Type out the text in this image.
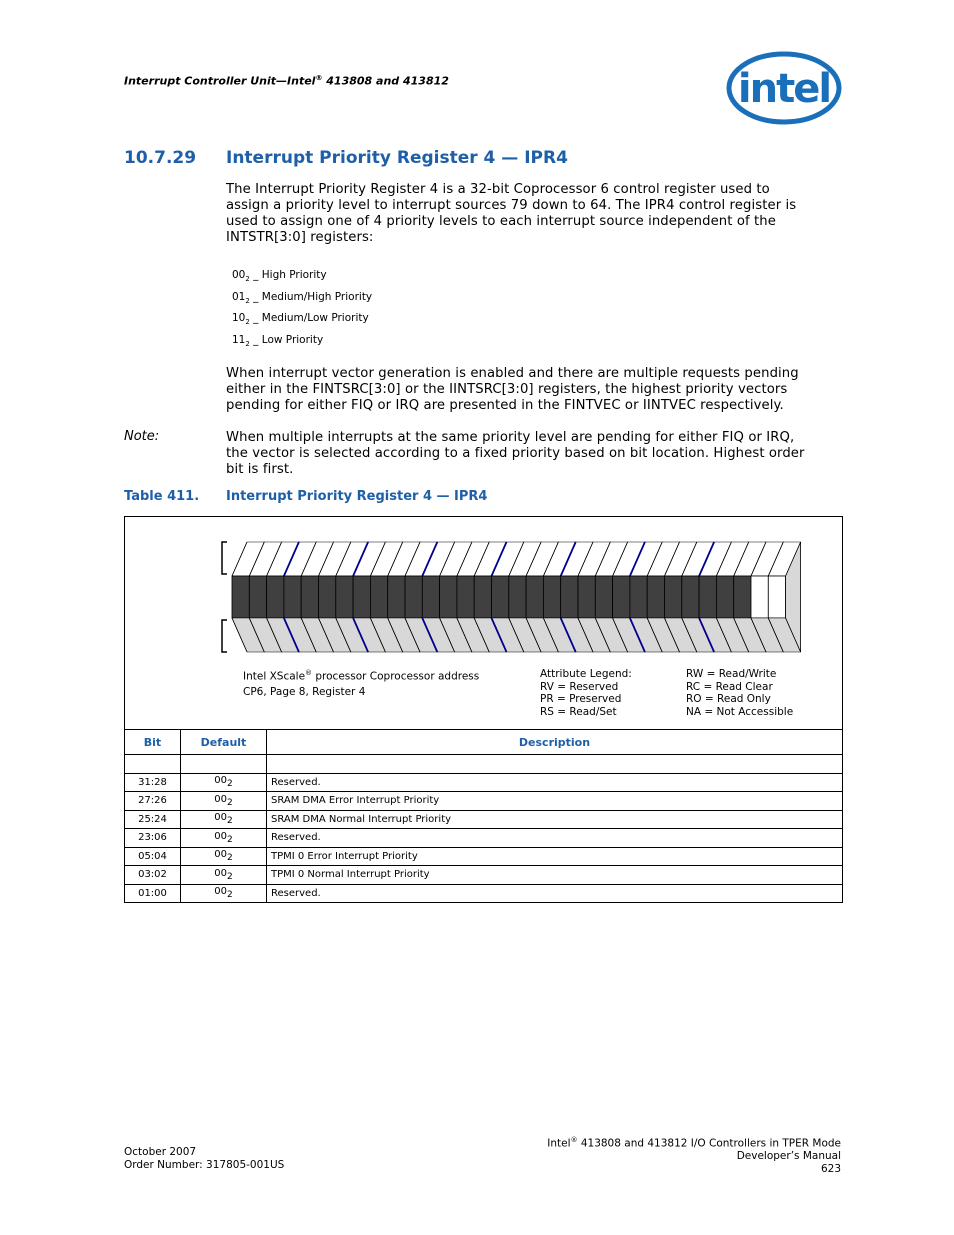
Interrupt Controller Unit—Intel® 413808 and 413812	intel
10.7.29 Interrupt Priority Register 4 — IPR4
The Interrupt Priority Register 4 is a 32-bit Coprocessor 6 control register used to
assign a priority level to interrupt sources 79 down to 64. The IPR4 control register is
used to assign one of 4 priority levels to each interrupt source independent of the
INTSTR[3:0] registers:
$00_2$ _ High Priority
$01_2$ _ Medium/High Priority
$10_2$ _ Medium/Low Priority
$11_2$ _ Low Priority
When interrupt vector generation is enabled and there are multiple requests pending
either in the FINTSRC[3:0] or the IINTSRC[3:0] registers, the highest priority vectors
pending for either FIQ or IRQ are presented in the FINTVEC or IINTVEC respectively.
Note:	When multiple interrupts at the same priority level are pending for either FIQ or IRQ,
the vector is selected according to a fixed priority based on bit location. Highest order
bit is first.
Table 411. Interrupt Priority Register 4 — IPR4
Intel XScale® processor Coprocessor address
CP6, Page 8, Register 4
Attribute Legend:
RV = Reserved
PR = Preserved
RS = Read/Set
RW = Read/Write
RC = Read Clear
RO = Read Only
NA = Not Accessible
Bit	Default	Description

31:28	$00_2$	Reserved.
27:26	$00_2$	SRAM DMA Error Interrupt Priority
25:24	$00_2$	SRAM DMA Normal Interrupt Priority
23:06	$00_2$	Reserved.
05:04	$00_2$	TPMI 0 Error Interrupt Priority
03:02	$00_2$	TPMI 0 Normal Interrupt Priority
01:00	$00_2$	Reserved.
October 2007
Order Number: 317805-001US
Intel® 413808 and 413812 I/O Controllers in TPER Mode
Developer’s Manual
623
